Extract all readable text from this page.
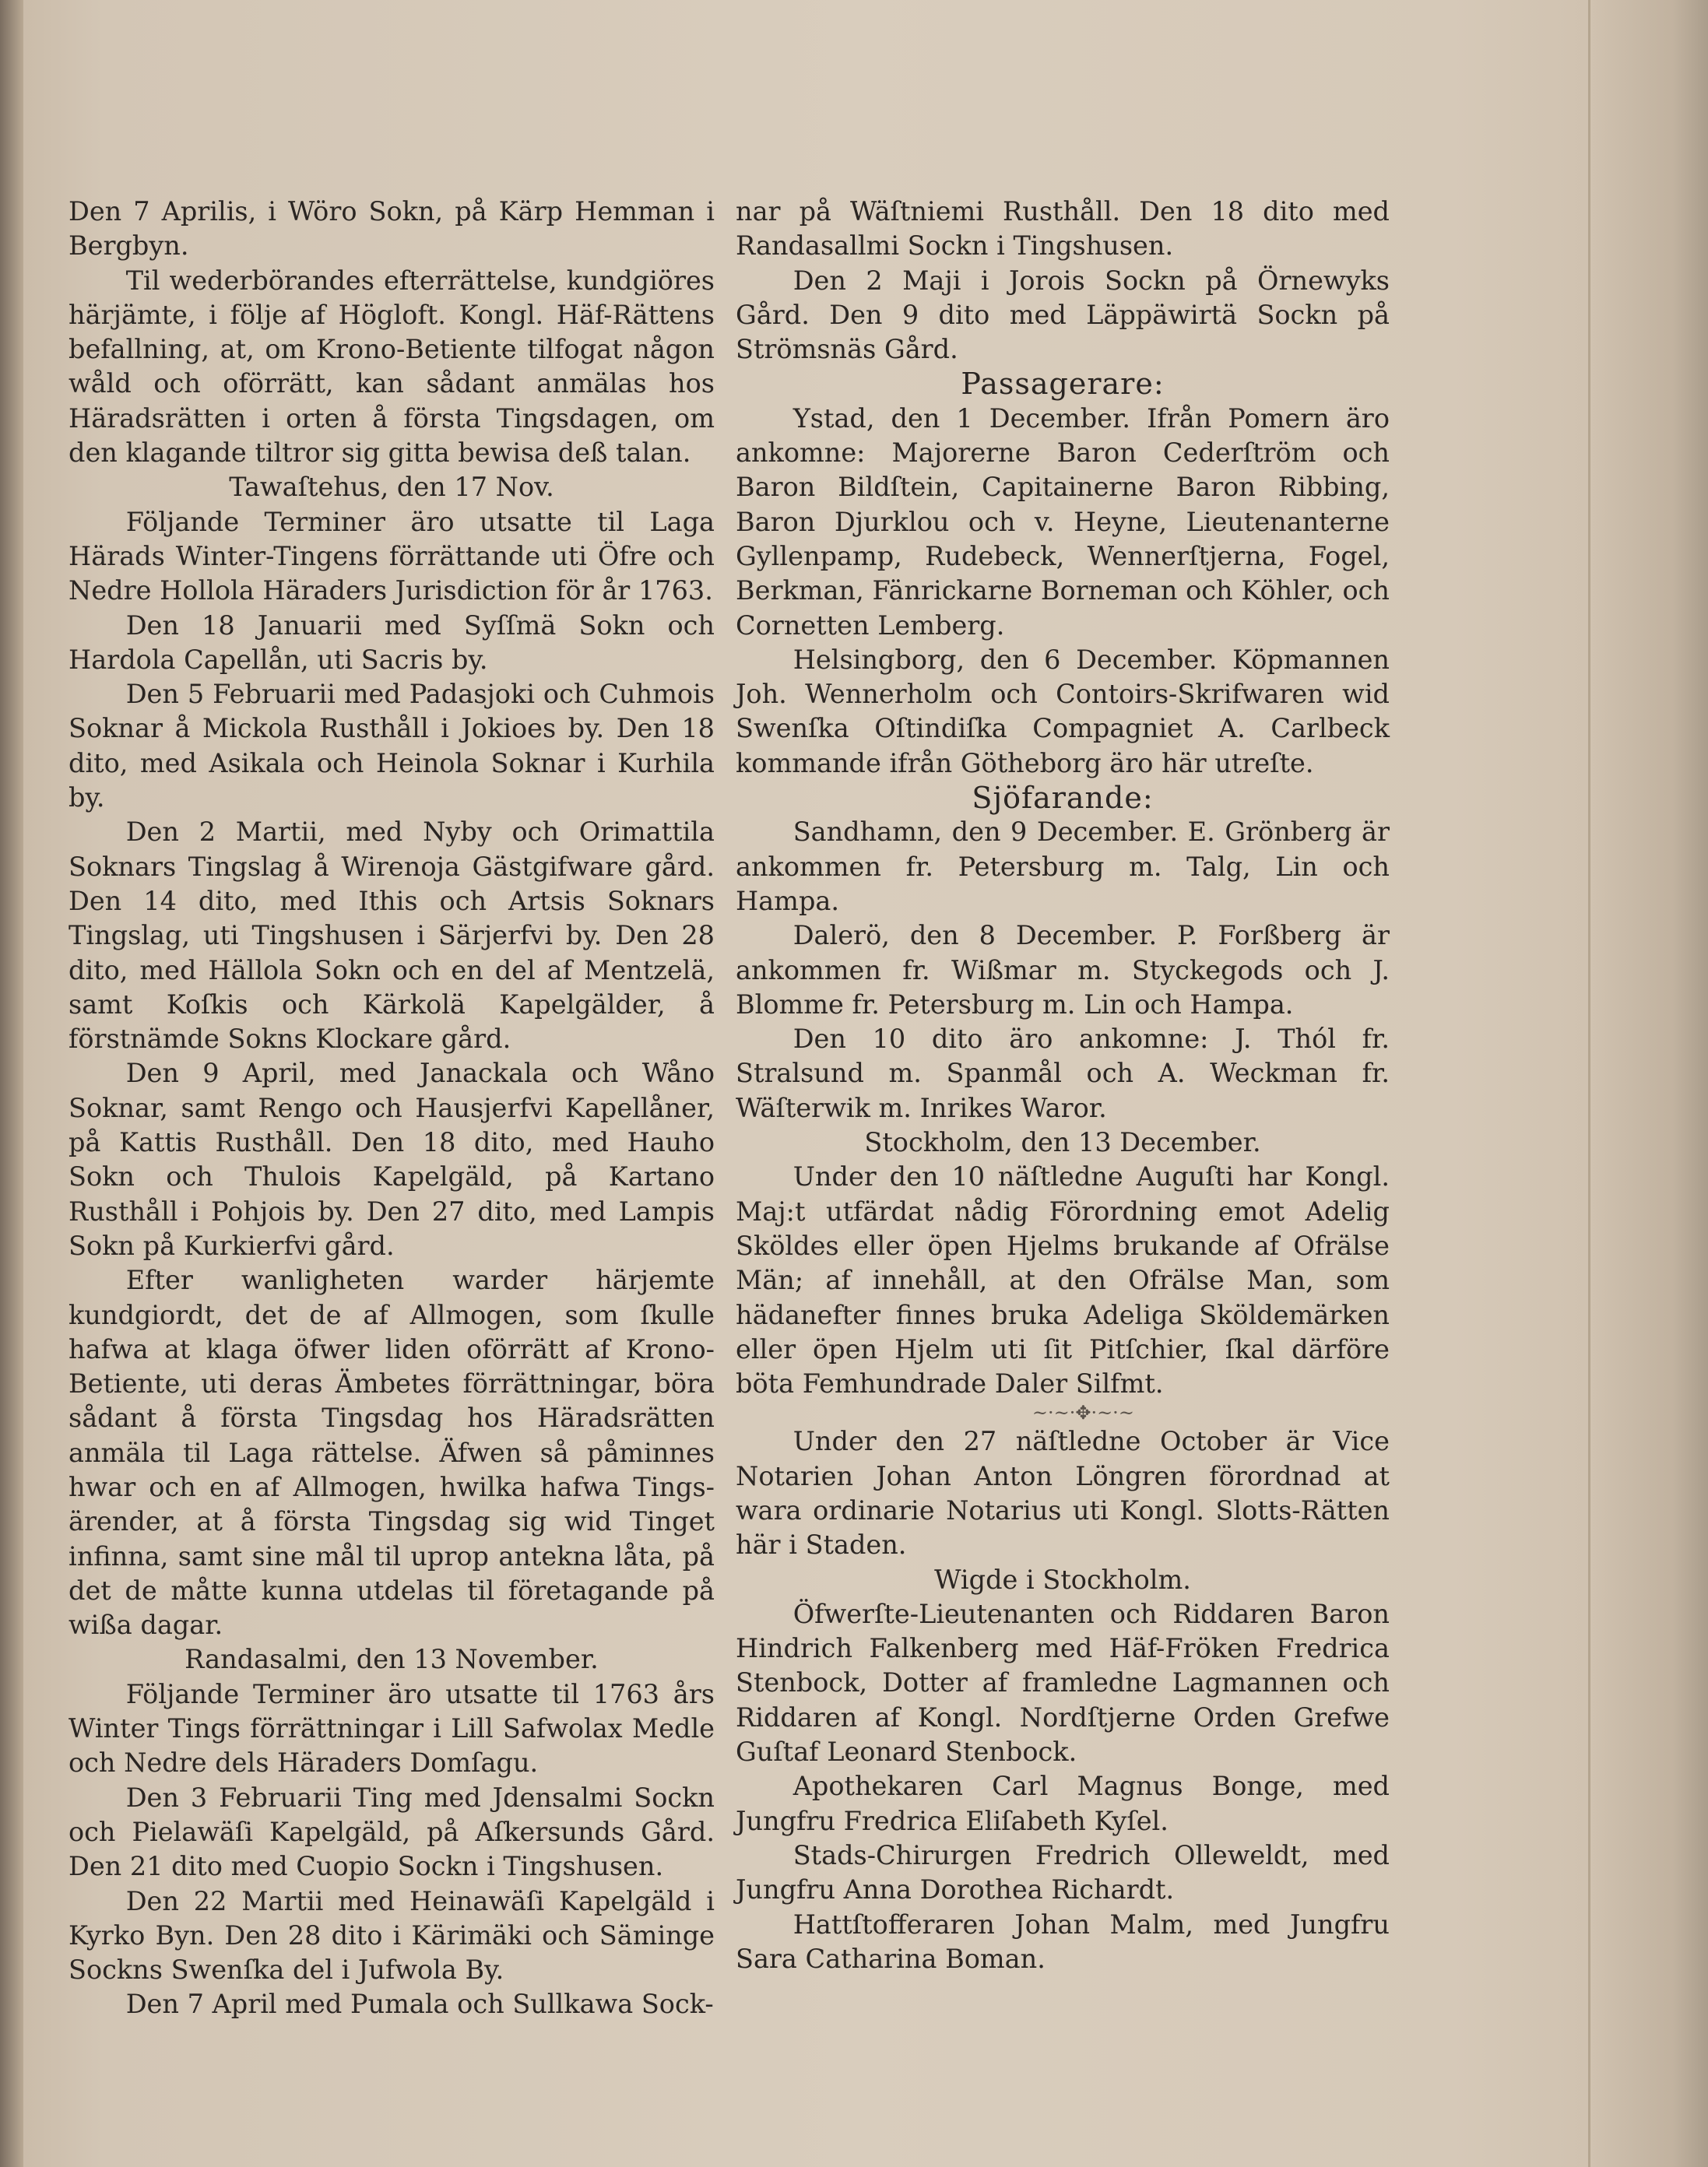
Den 7 Aprilis, i Wöro Sokn, på Kärp Hemman i Bergbyn.

Til wederbörandes efterrättelse, kundgiöres härjämte, i följe af Högloft. Kongl. Häf-Rättens befallning, at, om Krono-Betiente tilfogat någon wåld och oförrätt, kan sådant anmälas hos Häradsrätten i orten å första Tingsdagen, om den klagande tiltror sig gitta bewisa deß talan.

Tawaſtehus, den 17 Nov.

Följande Terminer äro utsatte til Laga Härads Winter-Tingens förrättande uti Öfre och Nedre Hollola Häraders Jurisdiction för år 1763.

Den 18 Januarii med Syſſmä Sokn och Hardola Capellån, uti Sacris by.

Den 5 Februarii med Padasjoki och Cuhmois Soknar å Mickola Rusthåll i Jokioes by. Den 18 dito, med Asikala och Heinola Soknar i Kurhila by.

Den 2 Martii, med Nyby och Orimattila Soknars Tingslag å Wirenoja Gästgifware gård. Den 14 dito, med Ithis och Artsis Soknars Tingslag, uti Tingshusen i Särjerfvi by. Den 28 dito, med Hällola Sokn och en del af Mentzelä, samt Koſkis och Kärkolä Kapelgälder, å förstnämde Sokns Klockare gård.

Den 9 April, med Janackala och Wåno Soknar, samt Rengo och Hausjerfvi Kapellåner, på Kattis Rusthåll. Den 18 dito, med Hauho Sokn och Thulois Kapelgäld, på Kartano Rusthåll i Pohjois by. Den 27 dito, med Lampis Sokn på Kurkierfvi gård.

Efter wanligheten warder härjemte kundgiordt, det de af Allmogen, som ſkulle hafwa at klaga öfwer liden oförrätt af Krono-Betiente, uti deras Ämbetes förrättningar, böra sådant å första Tingsdag hos Häradsrätten anmäla til Laga rättelse. Äfwen så påminnes hwar och en af Allmogen, hwilka hafwa Tings-ärender, at å första Tingsdag sig wid Tinget infinna, samt sine mål til uprop antekna låta, på det de måtte kunna utdelas til företagande på wißa dagar.

Randasalmi, den 13 November.

Följande Terminer äro utsatte til 1763 års Winter Tings förrättningar i Lill Safwolax Medle och Nedre dels Häraders Domſagu.

Den 3 Februarii Ting med Jdensalmi Sockn och Pielawäſi Kapelgäld, på Aſkersunds Gård. Den 21 dito med Cuopio Sockn i Tingshusen.

Den 22 Martii med Heinawäſi Kapelgäld i Kyrko Byn. Den 28 dito i Kärimäki och Säminge Sockns Swenſka del i Jufwola By.

Den 7 April med Pumala och Sullkawa Sock-

nar på Wäſtniemi Rusthåll. Den 18 dito med Randasallmi Sockn i Tingshusen.

Den 2 Maji i Jorois Sockn på Örnewyks Gård. Den 9 dito med Läppäwirtä Sockn på Strömsnäs Gård.

Passagerare:

Ystad, den 1 December. Ifrån Pomern äro ankomne: Majorerne Baron Cederſtröm och Baron Bildſtein, Capitainerne Baron Ribbing, Baron Djurklou och v. Heyne, Lieutenanterne Gyllenpamp, Rudebeck, Wennerſtjerna, Fogel, Berkman, Fänrickarne Borneman och Köhler, och Cornetten Lemberg.

Helsingborg, den 6 December. Köpmannen Joh. Wennerholm och Contoirs-Skrifwaren wid Swenſka Oſtindiſka Compagniet A. Carlbeck kommande ifrån Götheborg äro här utreſte.

Sjöfarande:

Sandhamn, den 9 December. E. Grönberg är ankommen fr. Petersburg m. Talg, Lin och Hampa.

Dalerö, den 8 December. P. Forßberg är ankommen fr. Wißmar m. Styckegods och J. Blomme fr. Petersburg m. Lin och Hampa.

Den 10 dito äro ankomne: J. Thól fr. Stralsund m. Spanmål och A. Weckman fr. Wäſterwik m. Inrikes Waror.

Stockholm, den 13 December.

Under den 10 näſtledne Auguſti har Kongl. Maj:t utfärdat nådig Förordning emot Adelig Sköldes eller öpen Hjelms brukande af Ofrälse Män; af innehåll, at den Ofrälse Man, som hädanefter finnes bruka Adeliga Sköldemärken eller öpen Hjelm uti ſit Pitſchier, ſkal därföre böta Femhundrade Daler Silfmt.

~·~·✥·~·~

Under den 27 näſtledne October är Vice Notarien Johan Anton Löngren förordnad at wara ordinarie Notarius uti Kongl. Slotts-Rätten här i Staden.

Wigde i Stockholm.

Öfwerſte-Lieutenanten och Riddaren Baron Hindrich Falkenberg med Häf-Fröken Fredrica Stenbock, Dotter af framledne Lagmannen och Riddaren af Kongl. Nordſtjerne Orden Grefwe Guſtaf Leonard Stenbock.

Apothekaren Carl Magnus Bonge, med Jungfru Fredrica Eliſabeth Kyſel.

Stads-Chirurgen Fredrich Olleweldt, med Jungfru Anna Dorothea Richardt.

Hattſtofferaren Johan Malm, med Jungfru Sara Catharina Boman.
